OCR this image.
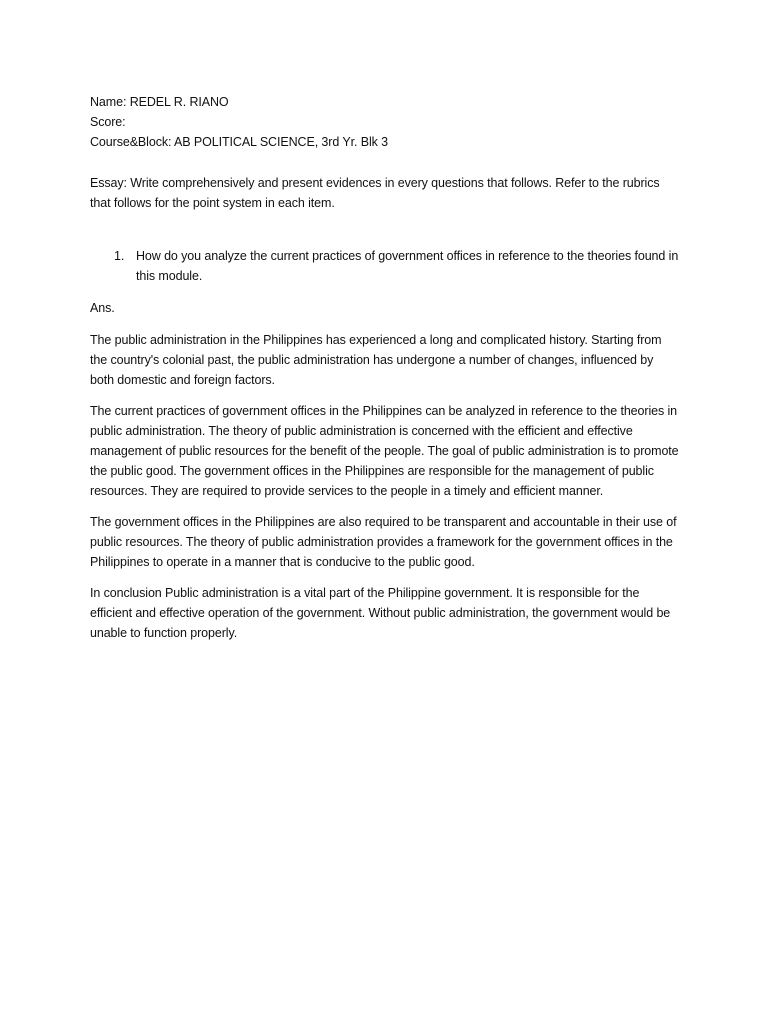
Name: REDEL R. RIANO

Score:

Course&Block: AB POLITICAL SCIENCE, 3rd Yr. Blk 3

Essay: Write comprehensively and present evidences in every questions that follows. Refer to the rubrics that follows for the point system in each item.

1. How do you analyze the current practices of government offices in reference to the theories found in this module.

Ans.

The public administration in the Philippines has experienced a long and complicated history. Starting from the country's colonial past, the public administration has undergone a number of changes, influenced by both domestic and foreign factors.

The current practices of government offices in the Philippines can be analyzed in reference to the theories in public administration. The theory of public administration is concerned with the efficient and effective management of public resources for the benefit of the people. The goal of public administration is to promote the public good. The government offices in the Philippines are responsible for the management of public resources. They are required to provide services to the people in a timely and efficient manner.

The government offices in the Philippines are also required to be transparent and accountable in their use of public resources. The theory of public administration provides a framework for the government offices in the Philippines to operate in a manner that is conducive to the public good.

In conclusion Public administration is a vital part of the Philippine government. It is responsible for the efficient and effective operation of the government. Without public administration, the government would be unable to function properly.
